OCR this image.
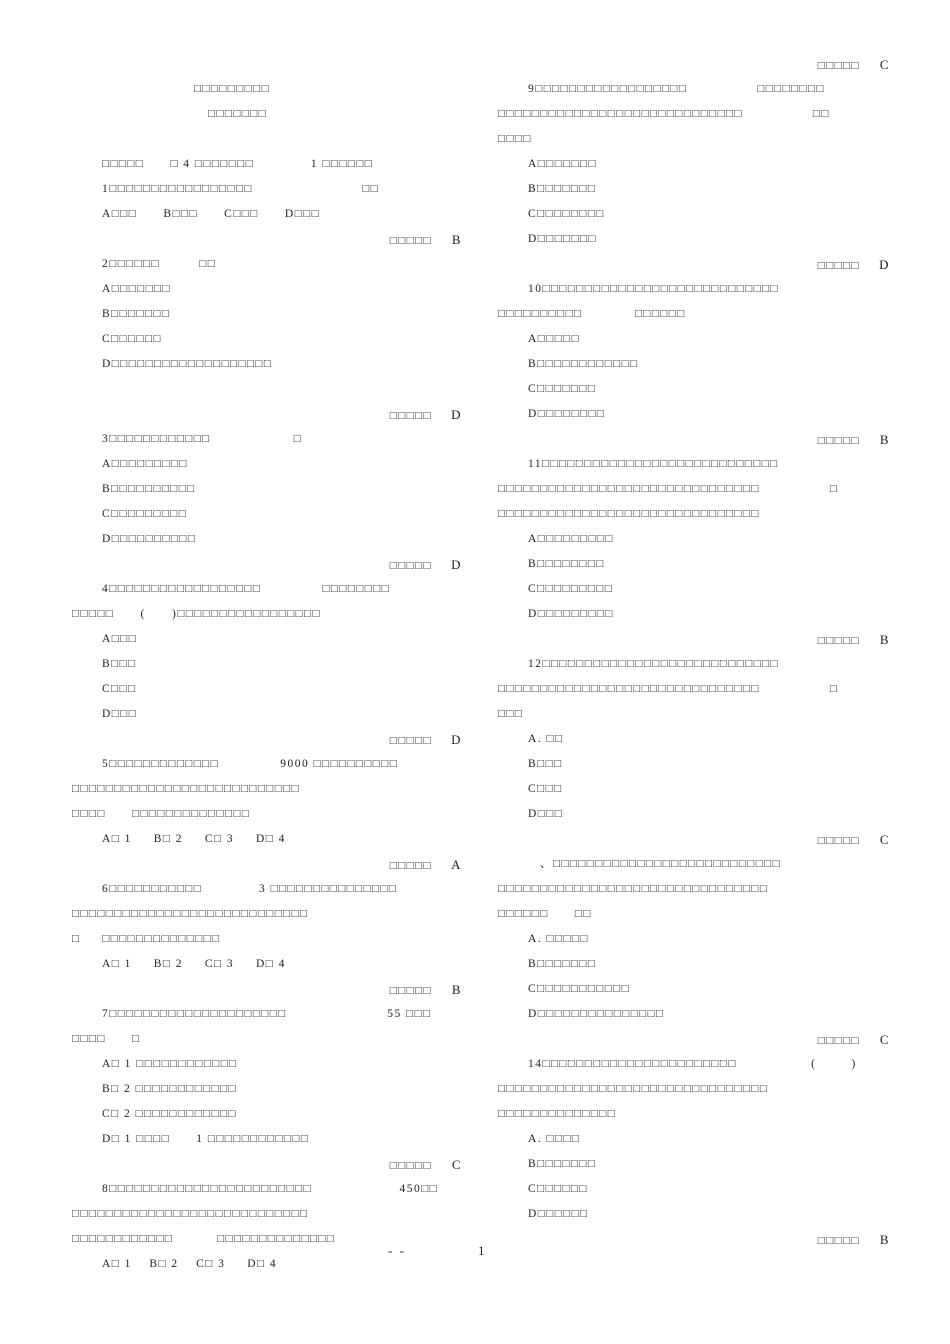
□□□□□□□□□
□□□□□□□
□□□□□      □ 4 □□□□□□□             1 □□□□□□
1□□□□□□□□□□□□□□□□□                         □□
A□□□      B□□□      C□□□      D□□□
□□□□□ B
2□□□□□□         □□
A□□□□□□□
B□□□□□□□
C□□□□□□
D□□□□□□□□□□□□□□□□□□□
□□□□□ D
3□□□□□□□□□□□□                   □
A□□□□□□□□□
B□□□□□□□□□□
C□□□□□□□□□
D□□□□□□□□□□
□□□□□ D
4□□□□□□□□□□□□□□□□□□              □□□□□□□□
□□□□□      (      )□□□□□□□□□□□□□□□□□
A□□□
B□□□
C□□□
D□□□
□□□□□ D
5□□□□□□□□□□□□□              9000 □□□□□□□□□□
□□□□□□□□□□□□□□□□□□□□□□□□□□□
□□□□      □□□□□□□□□□□□□□
A□ 1     B□ 2     C□ 3     D□ 4
□□□□□ A
6□□□□□□□□□□□             3 □□□□□□□□□□□□□□□
□□□□□□□□□□□□□□□□□□□□□□□□□□□□
□     □□□□□□□□□□□□□□
A□ 1     B□ 2     C□ 3     D□ 4
□□□□□ B
7□□□□□□□□□□□□□□□□□□□□□                       55 □□□
□□□□      □
A□ 1 □□□□□□□□□□□□
B□ 2 □□□□□□□□□□□□
C□ 2 □□□□□□□□□□□□
D□ 1 □□□□      1 □□□□□□□□□□□□
□□□□□ C
8□□□□□□□□□□□□□□□□□□□□□□□□                    450□□
□□□□□□□□□□□□□□□□□□□□□□□□□□□□
□□□□□□□□□□□□          □□□□□□□□□□□□□□
A□ 1    B□ 2    C□ 3     D□ 4
□□□□□ C
9□□□□□□□□□□□□□□□□□□                □□□□□□□□
□□□□□□□□□□□□□□□□□□□□□□□□□□□□□                □□
□□□□
A□□□□□□□
B□□□□□□□
C□□□□□□□□
D□□□□□□□
□□□□□ D
10□□□□□□□□□□□□□□□□□□□□□□□□□□□□
□□□□□□□□□□            □□□□□□
A□□□□□
B□□□□□□□□□□□□
C□□□□□□□
D□□□□□□□□
□□□□□ B
11□□□□□□□□□□□□□□□□□□□□□□□□□□□□
□□□□□□□□□□□□□□□□□□□□□□□□□□□□□□□                □
□□□□□□□□□□□□□□□□□□□□□□□□□□□□□□□
A□□□□□□□□□
B□□□□□□□□
C□□□□□□□□□
D□□□□□□□□□
□□□□□ B
12□□□□□□□□□□□□□□□□□□□□□□□□□□□□
□□□□□□□□□□□□□□□□□□□□□□□□□□□□□□□                □
□□□
A. □□
B□□□
C□□□
D□□□
□□□□□ C
、□□□□□□□□□□□□□□□□□□□□□□□□□□□
□□□□□□□□□□□□□□□□□□□□□□□□□□□□□□□□
□□□□□□      □□
A. □□□□□
B□□□□□□□
C□□□□□□□□□□□
D□□□□□□□□□□□□□□□
□□□□□ C
14□□□□□□□□□□□□□□□□□□□□□□□                 (        )
□□□□□□□□□□□□□□□□□□□□□□□□□□□□□□□□
□□□□□□□□□□□□□□
A. □□□□
B□□□□□□□
C□□□□□□
D□□□□□□
□□□□□ B
- -	1
